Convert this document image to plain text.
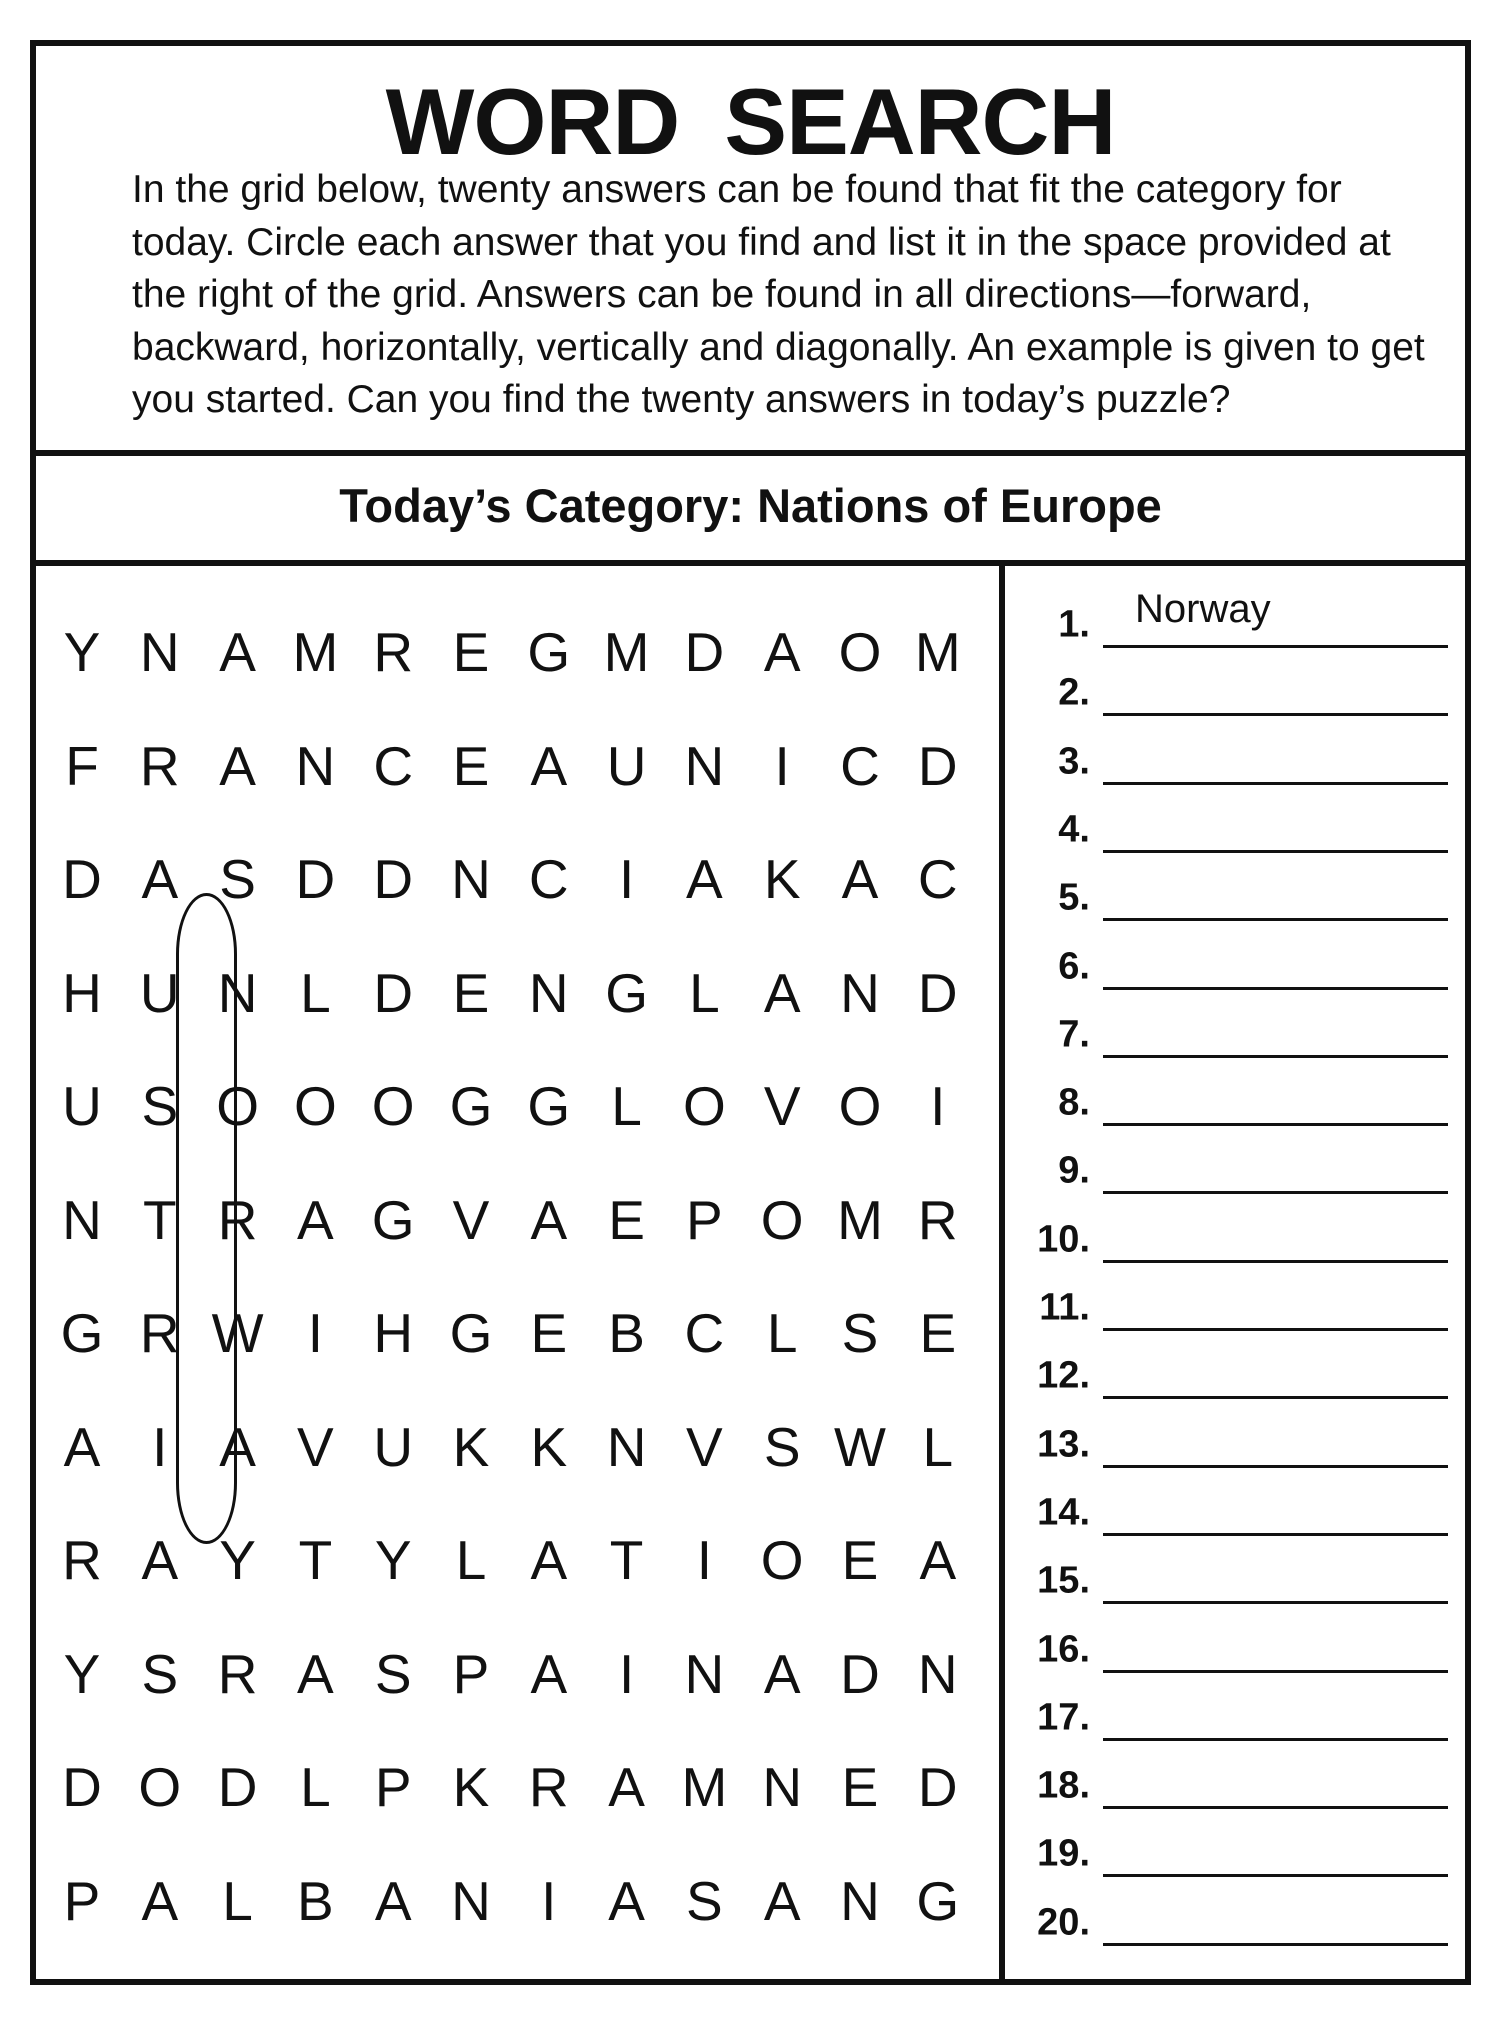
WORD SEARCH

In the grid below, twenty answers can be found that fit the category for today. Circle each answer that you find and list it in the space provided at the right of the grid. Answers can be found in all directions—forward, backward, horizontally, vertically and diagonally. An example is given to get you started. Can you find the twenty answers in today’s puzzle?

Today’s Category: Nations of Europe
Y N A M R E G M D A O M
F R A N C E A U N I C D
D A S D D N C I A K A C
H U N L D E N G L A N D
U S O O O G G L O V O I
N T R A G V A E P O M R
G R W I H G E B C L S E
A I A V U K K N V S W L
R A Y T Y L A T I O E A
Y S R A S P A I N A D N
D O D L P K R A M N E D
P A L B A N I A S A N G
1. Norway
2.
3.
4.
5.
6.
7.
8.
9.
10.
11.
12.
13.
14.
15.
16.
17.
18.
19.
20.
